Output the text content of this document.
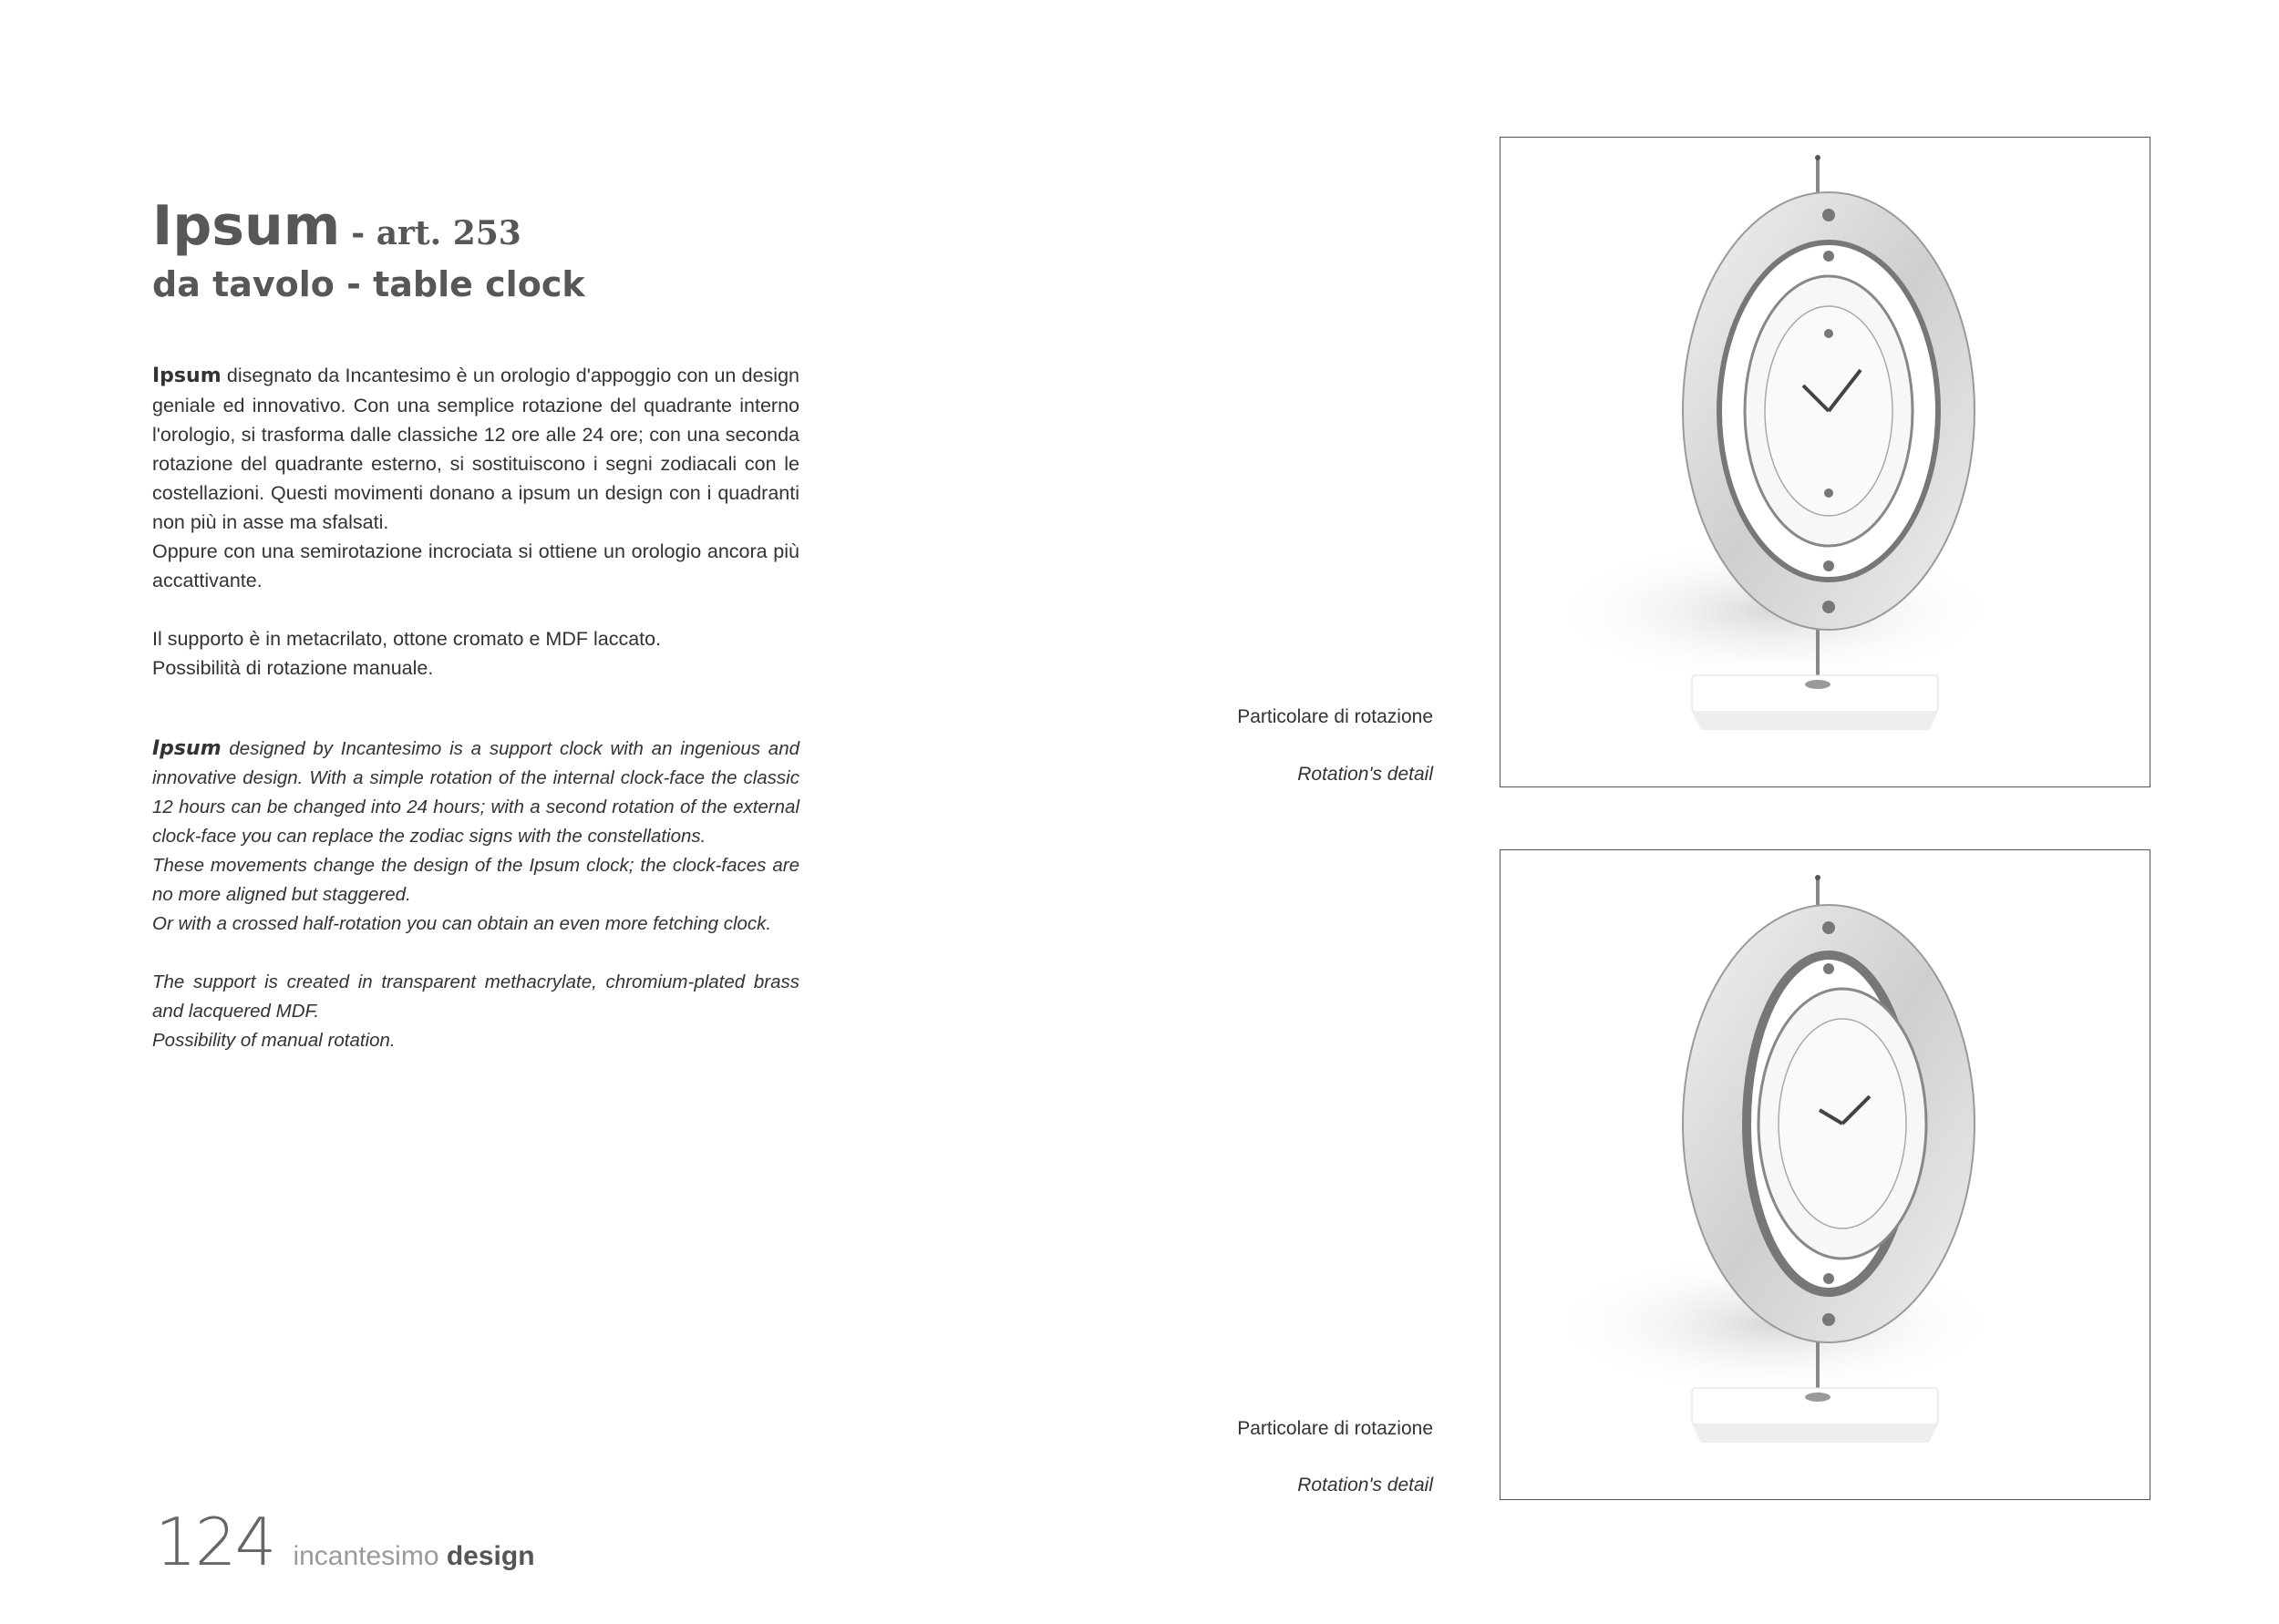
Ipsum - art. 253
da tavolo - table clock

Ipsum disegnato da Incantesimo è un orologio d'appoggio con un design geniale ed innovativo. Con una semplice rotazione del quadrante interno l'orologio, si trasforma dalle classiche 12 ore alle 24 ore; con una seconda rotazione del quadrante esterno, si sostituiscono i segni zodiacali con le costellazioni. Questi movimenti donano a ipsum un design con i quadranti non più in asse ma sfalsati.

Oppure con una semirotazione incrociata si ottiene un orologio ancora più accattivante.

Il supporto è in metacrilato, ottone cromato e MDF laccato.

Possibilità di rotazione manuale.

Ipsum designed by Incantesimo is a support clock with an ingenious and innovative design. With a simple rotation of the internal clock-face the classic 12 hours can be changed into 24 hours; with a second rotation of the external clock-face you can replace the zodiac signs with the constellations.

These movements change the design of the Ipsum clock; the clock-faces are no more aligned but staggered.

Or with a crossed half-rotation you can obtain an even more fetching clock.

The support is created in transparent methacrylate, chromium-plated brass and lacquered MDF.

Possibility of manual rotation.

Particolare di rotazione
Rotation's detail
Particolare di rotazione
Rotation's detail
124 incantesimo design
